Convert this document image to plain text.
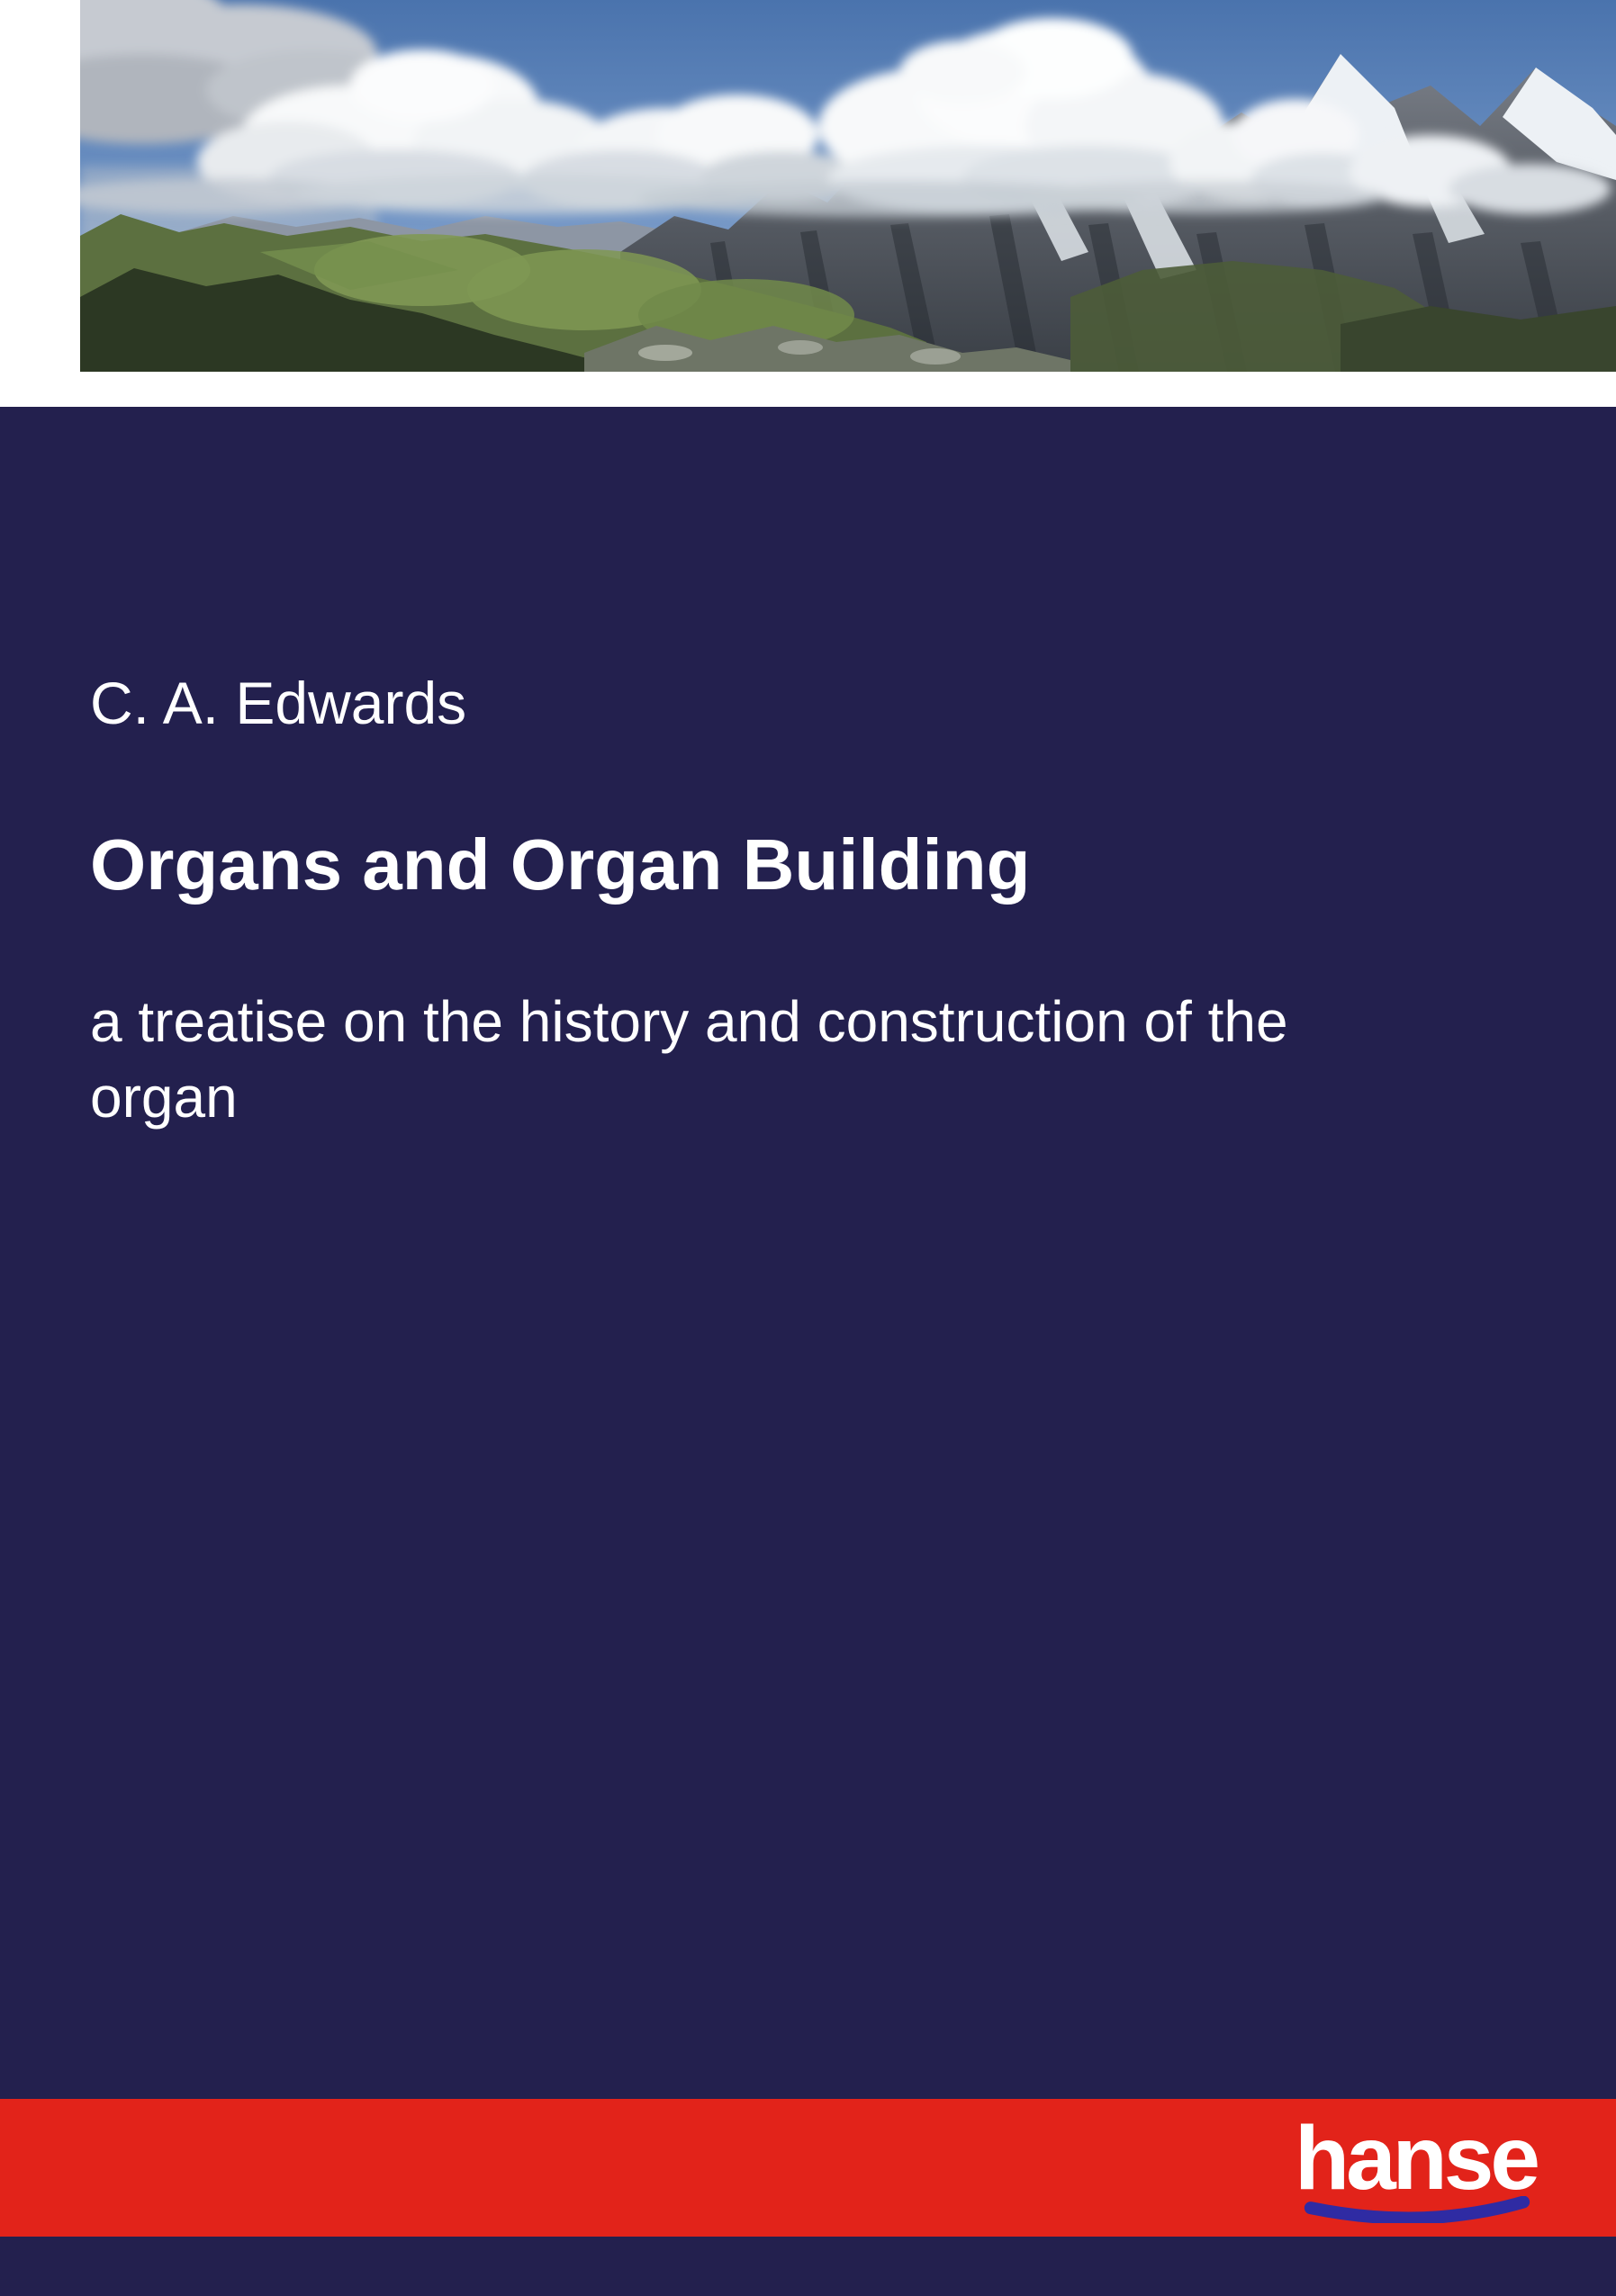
C. A. Edwards
Organs and Organ Building
a treatise on the history and construction of the
organ
hanse
